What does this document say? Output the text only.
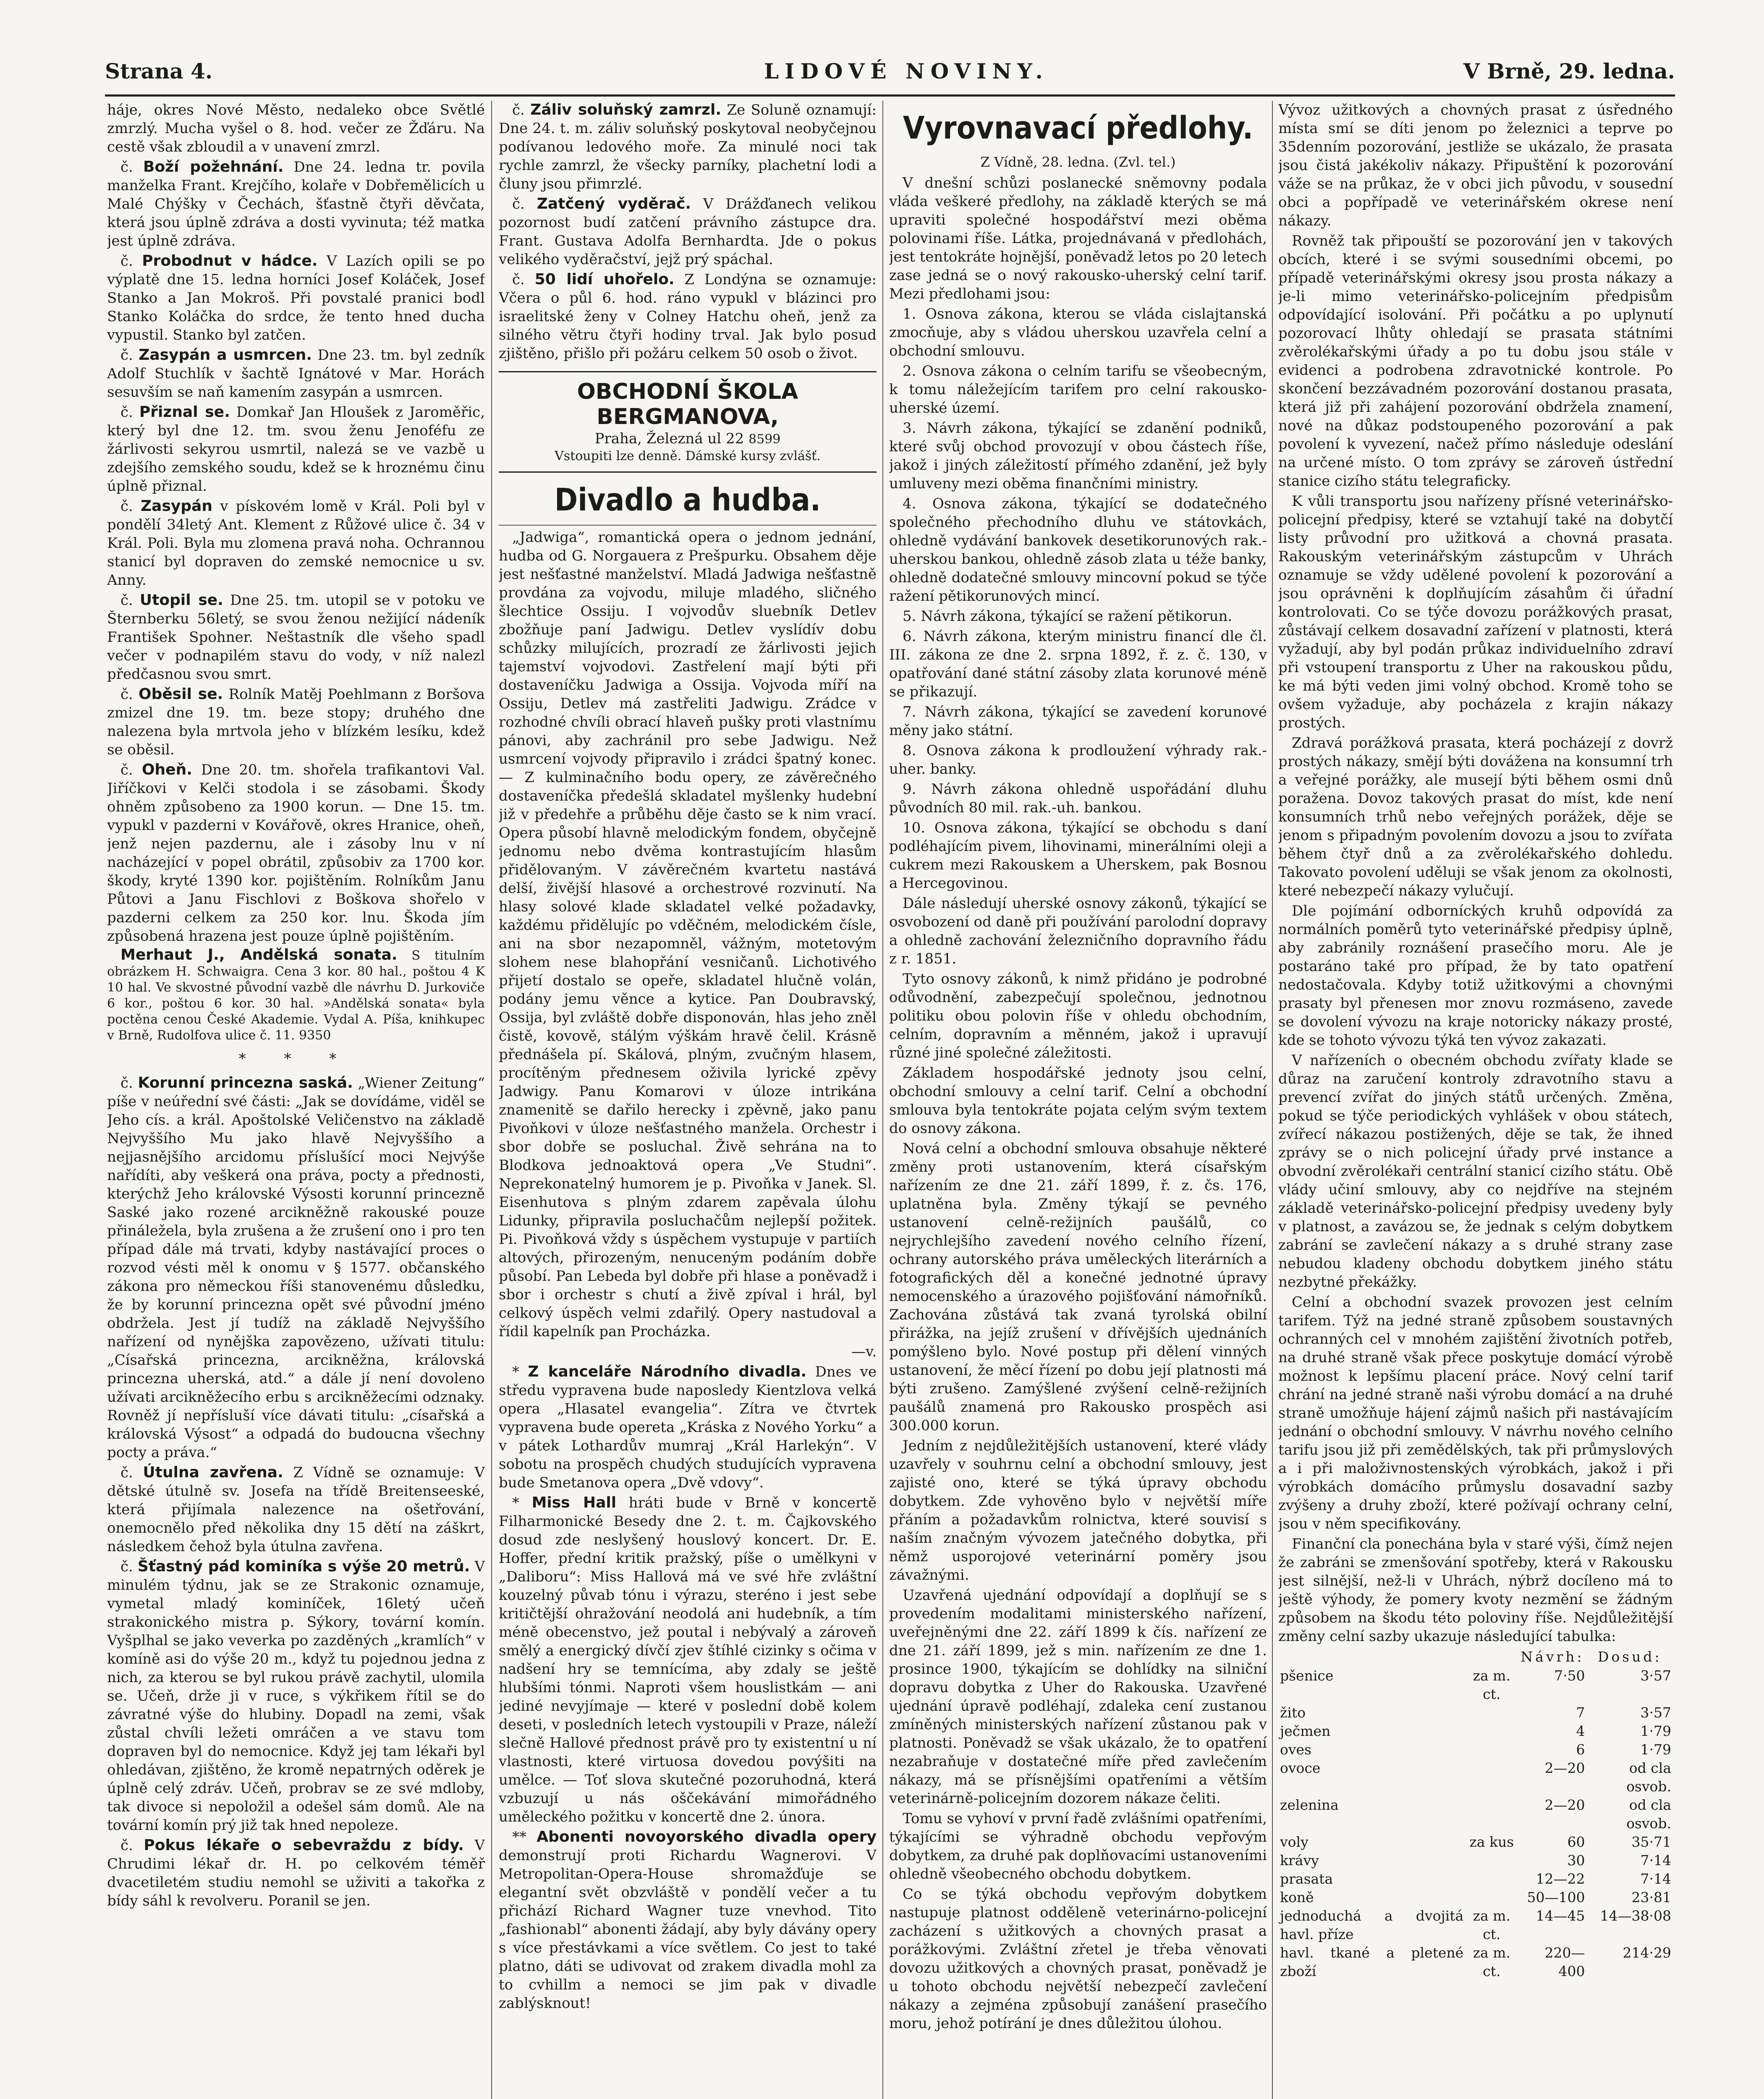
Strana 4.	LIDOVÉ NOVINY.	V Brně, 29. ledna.

háje, okres Nové Město, nedaleko obce Světlé zmrzlý. Mucha vyšel o 8. hod. večer ze Žďáru. Na cestě však zbloudil a v unavení zmrzl.

č. Boží požehnání. Dne 24. ledna tr. povila manželka Frant. Krejčího, kolaře v Dobřemělicích u Malé Chýšky v Čechách, šťastně čtyři děvčata, která jsou úplně zdráva a dosti vyvinuta; též matka jest úplně zdráva.

č. Probodnut v hádce. V Lazích opili se po výplatě dne 15. ledna horníci Josef Koláček, Josef Stanko a Jan Mokroš. Při povstalé pranici bodl Stanko Koláčka do srdce, že tento hned ducha vypustil. Stanko byl zatčen.

č. Zasypán a usmrcen. Dne 23. tm. byl zedník Adolf Stuchlík v šachtě Ignátové v Mar. Horách sesuvším se naň kamením zasypán a usmrcen.

č. Přiznal se. Domkař Jan Hloušek z Jaroměřic, který byl dne 12. tm. svou ženu Jenoféfu ze žárlivosti sekyrou usmrtil, nalezá se ve vazbě u zdejšího zemského soudu, kdež se k hroznému činu úplně přiznal.

č. Zasypán v pískovém lomě v Král. Poli byl v pondělí 34letý Ant. Klement z Růžové ulice č. 34 v Král. Poli. Byla mu zlomena pravá noha. Ochrannou stanicí byl dopraven do zemské nemocnice u sv. Anny.

č. Utopil se. Dne 25. tm. utopil se v potoku ve Šternberku 56letý, se svou ženou nežijící nádeník František Spohner. Neštastník dle všeho spadl večer v podnapilém stavu do vody, v níž nalezl předčasnou svou smrt.

č. Oběsil se. Rolník Matěj Poehlmann z Boršova zmizel dne 19. tm. beze stopy; druhého dne nalezena byla mrtvola jeho v blízkém lesíku, kdež se oběsil.

č. Oheň. Dne 20. tm. shořela trafikantovi Val. Jiříčkovi v Kelči stodola i se zásobami. Škody ohněm způsobeno za 1900 korun. — Dne 15. tm. vypukl v pazderni v Kovářově, okres Hranice, oheň, jenž nejen pazdernu, ale i zásoby lnu v ní nacházející v popel obrátil, způsobiv za 1700 kor. škody, kryté 1390 kor. pojištěním. Rolníkům Janu Půtovi a Janu Fischlovi z Boškova shořelo v pazderni celkem za 250 kor. lnu. Škoda jím způsobená hrazena jest pouze úplně pojištěním.

Merhaut J., Andělská sonata. S titulním obrázkem H. Schwaigra. Cena 3 kor. 80 hal., poštou 4 K 10 hal. Ve skvostné původní vazbě dle návrhu D. Jurkoviče 6 kor., poštou 6 kor. 30 hal. »Andělská sonata« byla poctěna cenou České Akademie. Vydal A. Píša, knihkupec v Brně, Rudolfova ulice č. 11. 9350

* * *

č. Korunní princezna saská. „Wiener Zeitung“ píše v neúřední své části: „Jak se dovídáme, viděl se Jeho cís. a král. Apoštolské Veličenstvo na základě Nejvyššího Mu jako hlavě Nejvyššího a nejjasnějšího arcidomu příslušící moci Nejvýše nařídíti, aby veškerá ona práva, pocty a přednosti, kterýchž Jeho královské Výsosti korunní princezně Saské jako rozené arcikněžně rakouské pouze přináležela, byla zrušena a že zrušení ono i pro ten případ dále má trvati, kdyby nastávající proces o rozvod vésti měl k onomu v § 1577. občanského zákona pro německou říši stanovenému důsledku, že by korunní princezna opět své původní jméno obdržela. Jest jí tudíž na základě Nejvyššího nařízení od nynějška zapovězeno, užívati titulu: „Císařská princezna, arcikněžna, královská princezna uherská, atd.“ a dále jí není dovoleno užívati arcikněžecího erbu s arcikněžecími odznaky. Rovněž jí nepřísluší více dávati titulu: „císařská a královská Výsost“ a odpadá do budoucna všechny pocty a práva.“

č. Útulna zavřena. Z Vídně se oznamuje: V dětské útulně sv. Josefa na třídě Breitenseeské, která přijímala nalezence na ošetřování, onemocnělo před několika dny 15 dětí na záškrt, následkem čehož byla útulna zavřena.

č. Šťastný pád kominíka s výše 20 metrů. V minulém týdnu, jak se ze Strakonic oznamuje, vymetal mladý kominíček, 16letý učeň strakonického mistra p. Sýkory, tovární komín. Vyšplhal se jako veverka po zazděných „kramlích“ v komíně asi do výše 20 m., když tu pojednou jedna z nich, za kterou se byl rukou právě zachytil, ulomila se. Učeň, drže ji v ruce, s výkřikem řítil se do závratné výše do hlubiny. Dopadl na zemi, však zůstal chvíli ležeti omráčen a ve stavu tom dopraven byl do nemocnice. Když jej tam lékaři byl ohledávan, zjištěno, že kromě nepatrných oděrek je úplně celý zdráv. Učeň, probrav se ze své mdloby, tak divoce si nepoložil a odešel sám domů. Ale na tovární komín prý již tak hned nepoleze.

č. Pokus lékaře o sebevraždu z bídy. V Chrudimi lékař dr. H. po celkovém téměř dvacetiletém studiu nemohl se uživiti a takořka z bídy sáhl k revolveru. Poranil se jen.

č. Záliv soluňský zamrzl. Ze Soluně oznamují: Dne 24. t. m. záliv soluňský poskytoval neobyčejnou podívanou ledového moře. Za minulé noci tak rychle zamrzl, že všecky parníky, plachetní lodi a čluny jsou přimrzlé.

č. Zatčený vyděrač. V Drážďanech velikou pozornost budí zatčení právního zástupce dra. Frant. Gustava Adolfa Bernhardta. Jde o pokus velikého vyděračství, jejž prý spáchal.

č. 50 lidí uhořelo. Z Londýna se oznamuje: Včera o půl 6. hod. ráno vypukl v blázinci pro israelitské ženy v Colney Hatchu oheň, jenž za silného větru čtyři hodiny trval. Jak bylo posud zjištěno, přišlo při požáru celkem 50 osob o život.

OBCHODNÍ ŠKOLA BERGMANOVA,
Praha, Železná ul 22 8599
Vstoupiti lze denně. Dámské kursy zvlášť.
Divadlo a hudba.

„Jadwiga“, romantická opera o jednom jednání, hudba od G. Norgauera z Prešpurku. Obsahem děje jest nešťastné manželství. Mladá Jadwiga nešťastně provdána za vojvodu, miluje mladého, sličného šlechtice Ossiju. I vojvodův sluebník Detlev zbožňuje paní Jadwigu. Detlev vyslídív dobu schůzky milujících, prozradí ze žárlivosti jejich tajemství vojvodovi. Zastřelení mají býti při dostaveníčku Jadwiga a Ossija. Vojvoda míří na Ossiju, Detlev má zastřeliti Jadwigu. Zrádce v rozhodné chvíli obrací hlaveň pušky proti vlastnímu pánovi, aby zachránil pro sebe Jadwigu. Než usmrcení vojvody připravilo i zrádci špatný konec. — Z kulminačního bodu opery, ze závěrečného dostaveníčka předešlá skladatel myšlenky hudební již v předehře a průběhu děje často se k nim vrací. Opera působí hlavně melodickým fondem, obyčejně jednomu nebo dvěma kontrastujícím hlasům přidělovaným. V závěrečném kvartetu nastává delší, živější hlasové a orchestrové rozvinutí. Na hlasy solové klade skladatel velké požadavky, každému přidělujíc po vděčném, melodickém čísle, ani na sbor nezapomněl, vážným, motetovým slohem nese blahopřání vesničanů. Lichotivého přijetí dostalo se opeře, skladatel hlučně volán, podány jemu věnce a kytice. Pan Doubravský, Ossija, byl zvláště dobře disponován, hlas jeho zněl čistě, kovově, stálým výškám hravě čelil. Krásně přednášela pí. Skálová, plným, zvučným hlasem, procítěným přednesem oživila lyrické zpěvy Jadwigy. Panu Komarovi v úloze intrikána znamenitě se dařilo herecky i zpěvně, jako panu Pivoňkovi v úloze nešťastného manžela. Orchestr i sbor dobře se posluchal. Živě sehrána na to Blodkova jednoaktová opera „Ve Studni“. Neprekonatelný humorem je p. Pivoňka v Janek. Sl. Eisenhutova s plným zdarem zapěvala úlohu Lidunky, připravila posluchačům nejlepší požitek. Pi. Pivoňková vždy s úspěchem vystupuje v partiích altových, přirozeným, nenuceným podáním dobře působí. Pan Lebeda byl dobře při hlase a poněvadž i sbor i orchestr s chutí a živě zpíval i hrál, byl celkový úspěch velmi zdařilý. Opery nastudoval a řídil kapelník pan Procházka.

—v.

* Z kanceláře Národního divadla. Dnes ve středu vypravena bude naposledy Kientzlova velká opera „Hlasatel evangelia“. Zítra ve čtvrtek vypravena bude opereta „Kráska z Nového Yorku“ a v pátek Lothardův mumraj „Král Harlekýn“. V sobotu na prospěch chudých studujících vypravena bude Smetanova opera „Dvě vdovy“.

* Miss Hall hráti bude v Brně v koncertě Filharmonické Besedy dne 2. t. m. Čajkovského dosud zde neslyšený houslový koncert. Dr. E. Hoffer, přední kritik pražský, píše o umělkyni v „Daliboru“: Miss Hallová má ve své hře zvláštní kouzelný půvab tónu i výrazu, steréno i jest sebe kritičtější ohražování neodolá ani hudebník, a tím méně obecenstvo, jež poutal i nebývalý a zároveň smělý a energický dívčí zjev štíhlé cizinky s očima v nadšení hry se temnícíma, aby zdaly se ještě hlubšími tónmi. Naproti všem houslistkám — ani jediné nevyjímaje — které v poslední době kolem deseti, v posledních letech vystoupili v Praze, náleží slečně Hallové přednost právě pro ty existentní u ní vlastnosti, které virtuosa dovedou povýšiti na umělce. — Toť slova skutečné pozoruhodná, která vzbuzují u nás oščekávání mimořádného uměleckého požitku v koncertě dne 2. února.

** Abonenti novoyorského divadla opery demonstrují proti Richardu Wagnerovi. V Metropolitan-Opera-House shromažďuje se elegantní svět obzvláště v pondělí večer a tu přichází Richard Wagner tuze vnevhod. Tito „fashionabl“ abonenti žádají, aby byly dávány opery s více přestávkami a více světlem. Co jest to také platno, dáti se udivovat od zrakem divadla mohl za to cvhillm a nemoci se jim pak v divadle zablýsknout!

Vyrovnavací předlohy.
Z Vídně, 28. ledna. (Zvl. tel.)

V dnešní schůzi poslanecké sněmovny podala vláda veškeré předlohy, na základě kterých se má upraviti společné hospodářství mezi oběma polovinami říše. Látka, projednávaná v předlohách, jest tentokráte hojnější, poněvadž letos po 20 letech zase jedná se o nový rakousko-uherský celní tarif. Mezi předlohami jsou:

1. Osnova zákona, kterou se vláda cislajtanská zmocňuje, aby s vládou uherskou uzavřela celní a obchodní smlouvu.

2. Osnova zákona o celním tarifu se všeobecným, k tomu náležejícím tarifem pro celní rakousko-uherské území.

3. Návrh zákona, týkající se zdanění podniků, které svůj obchod provozují v obou částech říše, jakož i jiných záležitostí přímého zdanění, jež byly umluveny mezi oběma finančními ministry.

4. Osnova zákona, týkající se dodatečného společného přechodního dluhu ve státovkách, ohledně vydávání bankovek desetikorunových rak.-uherskou bankou, ohledně zásob zlata u téže banky, ohledně dodatečné smlouvy mincovní pokud se týče ražení pětikorunových mincí.

5. Návrh zákona, týkající se ražení pětikorun.

6. Návrh zákona, kterým ministru financí dle čl. III. zákona ze dne 2. srpna 1892, ř. z. č. 130, v opatřování dané státní zásoby zlata korunové méně se přikazují.

7. Návrh zákona, týkající se zavedení korunové měny jako státní.

8. Osnova zákona k prodloužení výhrady rak.-uher. banky.

9. Návrh zákona ohledně uspořádání dluhu původních 80 mil. rak.-uh. bankou.

10. Osnova zákona, týkající se obchodu s daní podléhajícím pivem, lihovinami, minerálními oleji a cukrem mezi Rakouskem a Uherskem, pak Bosnou a Hercegovinou.

Dále následují uherské osnovy zákonů, týkající se osvobození od daně při používání parolodní dopravy a ohledně zachování železničního dopravního řádu z r. 1851.

Tyto osnovy zákonů, k nimž přidáno je podrobné odůvodnění, zabezpečují společnou, jednotnou politiku obou polovin říše v ohledu obchodním, celním, dopravním a měnném, jakož i upravují různé jiné společné záležitosti.

Základem hospodářské jednoty jsou celní, obchodní smlouvy a celní tarif. Celní a obchodní smlouva byla tentokráte pojata celým svým textem do osnovy zákona.

Nová celní a obchodní smlouva obsahuje některé změny proti ustanovením, která císařským nařízením ze dne 21. září 1899, ř. z. čs. 176, uplatněna byla. Změny týkají se pevného ustanovení celně-režijních paušálů, co nejrychlejšího zavedení nového celního řízení, ochrany autorského práva uměleckých literárních a fotografických děl a konečné jednotné úpravy nemocenského a úrazového pojišťování námořníků. Zachována zůstává tak zvaná tyrolská obilní přirážka, na jejíž zrušení v dřívějších ujednáních pomýšleno bylo. Nové postup při dělení vinných ustanovení, že měcí řízení po dobu její platnosti má býti zrušeno. Zamýšlené zvýšení celně-režijních paušálů znamená pro Rakousko prospěch asi 300.000 korun.

Jedním z nejdůležitějších ustanovení, které vlády uzavřely v souhrnu celní a obchodní smlouvy, jest zajisté ono, které se týká úpravy obchodu dobytkem. Zde vyhověno bylo v největší míře přáním a požadavkům rolnictva, které souvisí s naším značným vývozem jatečného dobytka, při němž usporojové veterinární poměry jsou závažnými.

Uzavřená ujednání odpovídají a doplňují se s provedením modalitami ministerského nařízení, uveřejněnými dne 22. září 1899 k čís. nařízení ze dne 21. září 1899, jež s min. nařízením ze dne 1. prosince 1900, týkajícím se dohlídky na silniční dopravu dobytka z Uher do Rakouska. Uzavřené ujednání úpravě podléhají, zdaleka cení zustanou zmíněných ministerských nařízení zůstanou pak v platnosti. Poněvadž se však ukázalo, že to opatření nezabraňuje v dostatečné míře před zavlečením nákazy, má se přísnějšími opatřeními a větším veterinárně-policejním dozorem nákaze čeliti.

Tomu se vyhoví v první řadě zvlášními opatřeními, týkajícími se výhradně obchodu vepřovým dobytkem, za druhé pak doplňovacími ustanoveními ohledně všeobecného obchodu dobytkem.

Co se týká obchodu vepřovým dobytkem nastupuje platnost odděleně veterinárno-policejní zacházení s užitkových a chovných prasat a porážkovými. Zvláštní zřetel je třeba věnovati dovozu užitkových a chovných prasat, poněvadž je u tohoto obchodu největší nebezpečí zavlečení nákazy a zejména způsobují zanášení prasečího moru, jehož potírání je dnes důležitou úlohou.

Vývoz užitkových a chovných prasat z úsředného místa smí se díti jenom po železnici a teprve po 35denním pozorování, jestliže se ukázalo, že prasata jsou čistá jakékoliv nákazy. Připuštění k pozorování váže se na průkaz, že v obci jich původu, v sousední obci a popřípadě ve veterinářském okrese není nákazy.

Rovněž tak připouští se pozorování jen v takových obcích, které i se svými sousedními obcemi, po případě veterinářskými okresy jsou prosta nákazy a je-li mimo veterinářsko-policejním předpisům odpovídající isolování. Při počátku a po uplynutí pozorovací lhůty ohledají se prasata státními zvěrolékařskými úřady a po tu dobu jsou stále v evidenci a podrobena zdravotnické kontrole. Po skončení bezzávadném pozorování dostanou prasata, která již při zahájení pozorování obdržela znamení, nové na důkaz podstoupeného pozorování a pak povolení k vyvezení, načež přímo následuje odeslání na určené místo. O tom zprávy se zároveň ústřední stanice cizího státu telegraficky.

K vůli transportu jsou nařízeny přísné veterinářsko-policejní předpisy, které se vztahují také na dobytčí listy průvodní pro užitková a chovná prasata. Rakouským veterinářským zástupcům v Uhrách oznamuje se vždy udělené povolení k pozorování a jsou oprávněni k doplňujícím zásahům či úřadní kontrolovati. Co se týče dovozu porážkových prasat, zůstávají celkem dosavadní zařízení v platnosti, která vyžadují, aby byl podán průkaz individuelního zdraví při vstoupení transportu z Uher na rakouskou půdu, ke má býti veden jimi volný obchod. Kromě toho se ovšem vyžaduje, aby pocházela z krajin nákazy prostých.

Zdravá porážková prasata, která pocházejí z dovrž prostých nákazy, smějí býti dovážena na konsumní trh a veřejné porážky, ale musejí býti během osmi dnů poražena. Dovoz takových prasat do míst, kde není konsumních trhů nebo veřejných porážek, děje se jenom s připadným povolením dovozu a jsou to zvířata během čtyř dnů a za zvěrolékařského dohledu. Takovato povolení uděluji se však jenom za okolnosti, které nebezpečí nákazy vylučují.

Dle pojímání odborníckých kruhů odpovídá za normálních poměrů tyto veterinářské předpisy úplně, aby zabránily roznášení prasečího moru. Ale je postaráno také pro případ, že by tato opatření nedostačovala. Kdyby totiž užitkovými a chovnými prasaty byl přenesen mor znovu rozmáseno, zavede se dovolení vývozu na kraje notoricky nákazy prosté, kde se tohoto vývozu týká ten vývoz zakazati.

V nařízeních o obecném obchodu zvířaty klade se důraz na zaručení kontroly zdravotního stavu a prevencí zvířat do jiných států určených. Změna, pokud se týče periodických vyhlášek v obou státech, zvířecí nákazou postižených, děje se tak, že ihned zprávy se o nich policejní úřady prvé instance a obvodní zvěrolékaři centrální stanicí cizího státu. Obě vlády učiní smlouvy, aby co nejdříve na stejném základě veterinářsko-policejní předpisy uvedeny byly v platnost, a zavázou se, že jednak s celým dobytkem zabrání se zavlečení nákazy a s druhé strany zase nebudou kladeny obchodu dobytkem jiného státu nezbytné překážky.

Celní a obchodní svazek provozen jest celním tarifem. Týž na jedné straně způsobem soustavných ochranných cel v mnohém zajištění životních potřeb, na druhé straně však přece poskytuje domácí výrobě možnost k lepšímu placení práce. Nový celní tarif chrání na jedné straně naši výrobu domácí a na druhé straně umožňuje hájení zájmů našich při nastávajícím jednání o obchodní smlouvy. V návrhu nového celního tarifu jsou již při zemědělských, tak při průmyslových a i při maloživnostenských výrobkách, jakož i při výrobkách domácího průmyslu dosavadní sazby zvýšeny a druhy zboží, které požívají ochrany celní, jsou v něm specifikovány.

Finanční cla ponechána byla v staré výši, čímž nejen že zabráni se zmenšování spotřeby, která v Rakousku jest silnější, než-li v Uhrách, nýbrž docíleno má to ještě výhody, že pomery kvoty nezmění se žádným způsobem na škodu této poloviny říše. Nejdůležitější změny celní sazby ukazuje následující tabulka:

		Návrh:	Dosud:
pšenice	za m. ct.	7·50	3·57
žito		7	3·57
ječmen		4	1·79
oves		6	1·79
ovoce		2—20	od cla osvob.
zelenina		2—20	od cla osvob.
voly	za kus	60	35·71
krávy		30	7·14
prasata		12—22	7·14
koně		50—100	23·81
jednoduchá a dvojitá havl. příze	za m. ct.	14—45	14—38·08
havl. tkané a pletené zboží	za m. ct.	220—400	214·29
